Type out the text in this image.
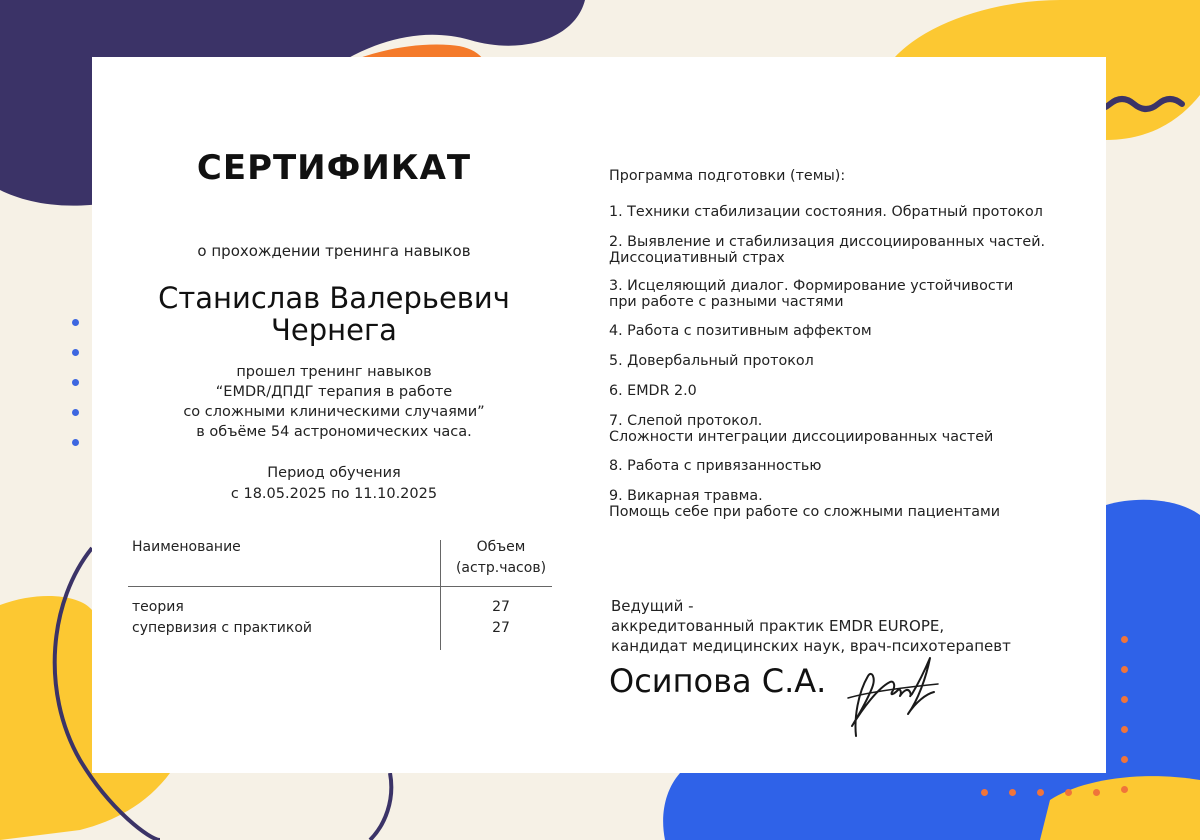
СЕРТИФИКАТ
о прохождении тренинга навыков
Станислав Валерьевич
Чернега
прошел тренинг навыков
“EMDR/ДПДГ терапия в работе
со сложными клиническими случаями”
в объёме 54 астрономических часа.
Период обучения
с 18.05.2025 по 11.10.2025
Наименование	Объем
(астр.часов)
теория
супервизия с практикой
27
27
Программа подготовки (темы):
1. Техники стабилизации состояния. Обратный протокол
2. Выявление и стабилизация диссоциированных частей.
Диссоциативный страх
3. Исцеляющий диалог. Формирование устойчивости
при работе с разными частями
4. Работа с позитивным аффектом
5. Довербальный протокол
6. EMDR 2.0
7. Слепой протокол.
Сложности интеграции диссоциированных частей
8. Работа с привязанностью
9. Викарная травма.
Помощь себе при работе со сложными пациентами
Ведущий -
аккредитованный практик EMDR EUROPE,
кандидат медицинских наук, врач-психотерапевт
Осипова С.А.
